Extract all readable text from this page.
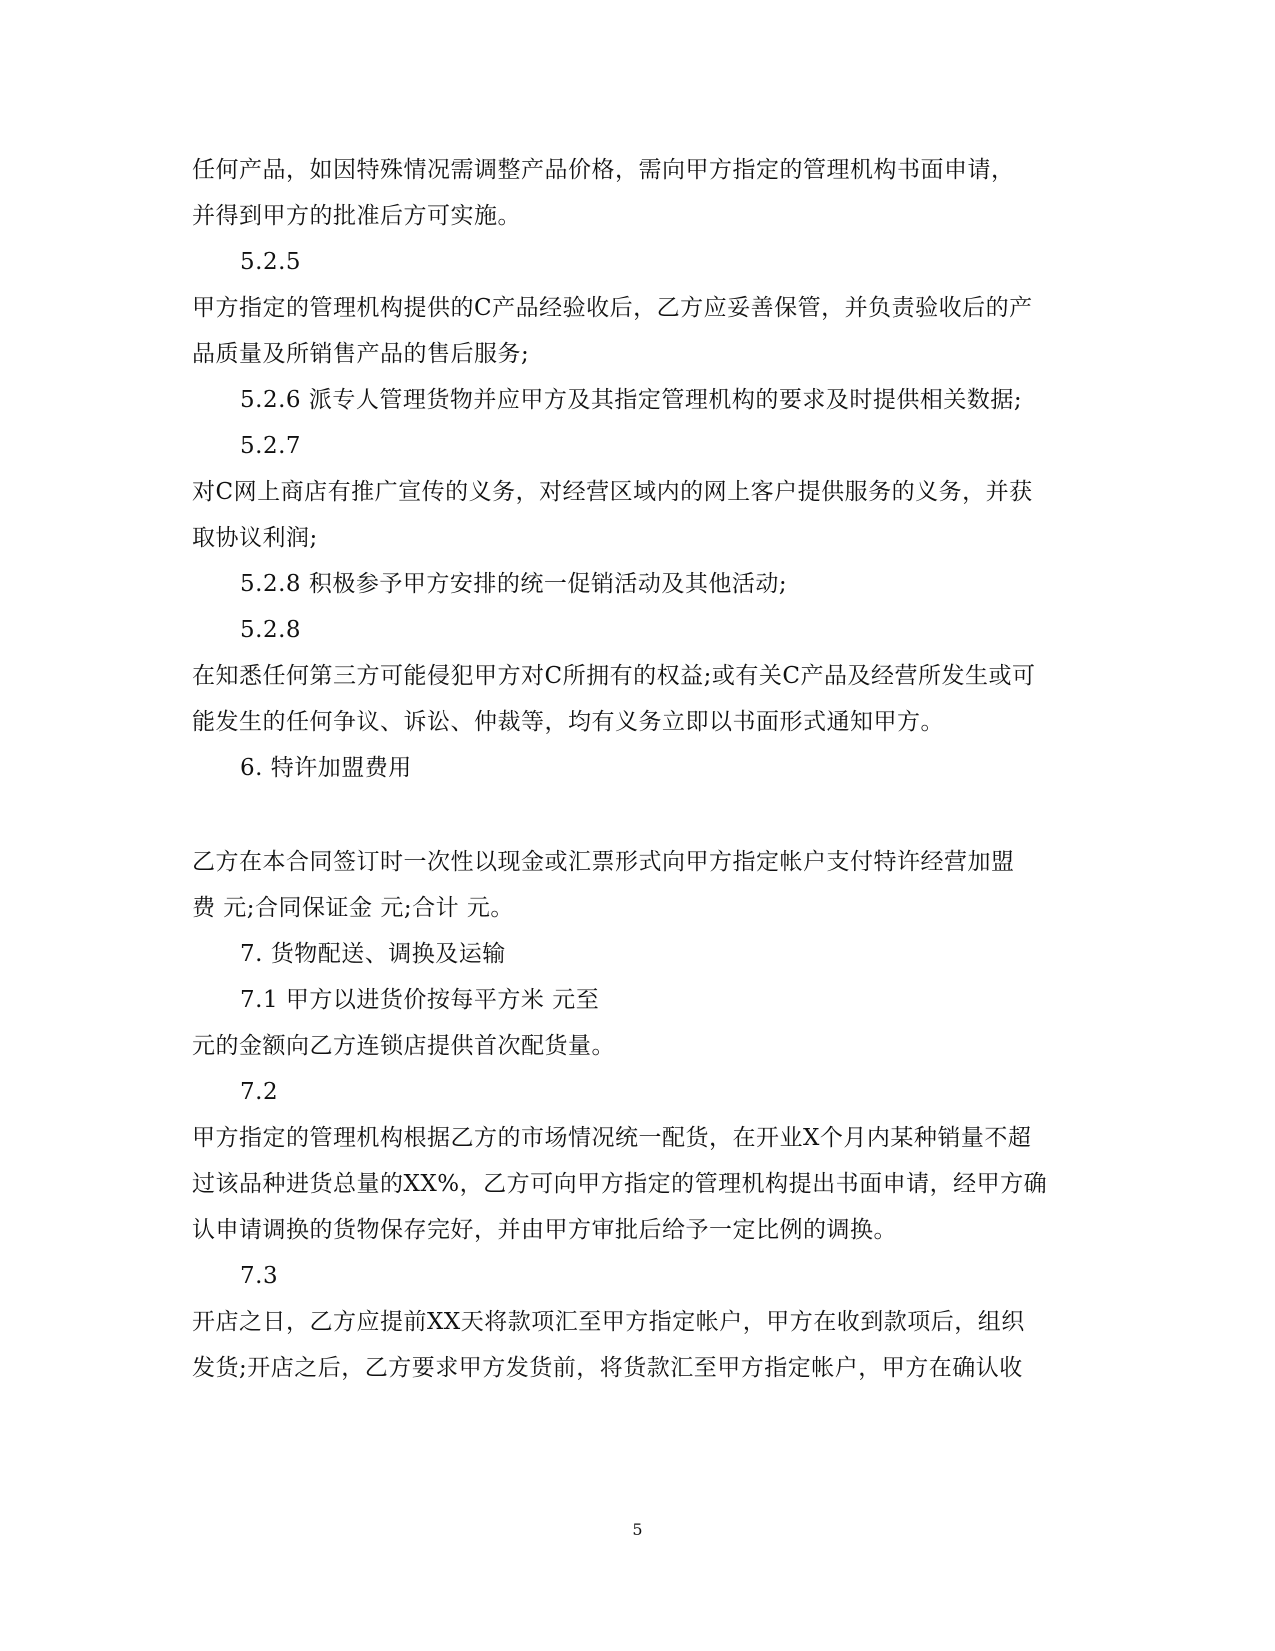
任何产品，如因特殊情况需调整产品价格，需向甲方指定的管理机构书面申请，
并得到甲方的批准后方可实施。
5.2.5
甲方指定的管理机构提供的C产品经验收后，乙方应妥善保管，并负责验收后的产
品质量及所销售产品的售后服务;
5.2.6 派专人管理货物并应甲方及其指定管理机构的要求及时提供相关数据;
5.2.7
对C网上商店有推广宣传的义务，对经营区域内的网上客户提供服务的义务，并获
取协议利润;
5.2.8 积极参予甲方安排的统一促销活动及其他活动;
5.2.8
在知悉任何第三方可能侵犯甲方对C所拥有的权益;或有关C产品及经营所发生或可
能发生的任何争议、诉讼、仲裁等，均有义务立即以书面形式通知甲方。
6. 特许加盟费用
乙方在本合同签订时一次性以现金或汇票形式向甲方指定帐户支付特许经营加盟
费 元;合同保证金 元;合计 元。
7. 货物配送、调换及运输
7.1 甲方以进货价按每平方米 元至
元的金额向乙方连锁店提供首次配货量。
7.2
甲方指定的管理机构根据乙方的市场情况统一配货，在开业X个月内某种销量不超
过该品种进货总量的XX%，乙方可向甲方指定的管理机构提出书面申请，经甲方确
认申请调换的货物保存完好，并由甲方审批后给予一定比例的调换。
7.3
开店之日，乙方应提前XX天将款项汇至甲方指定帐户，甲方在收到款项后，组织
发货;开店之后，乙方要求甲方发货前，将货款汇至甲方指定帐户，甲方在确认收
5
